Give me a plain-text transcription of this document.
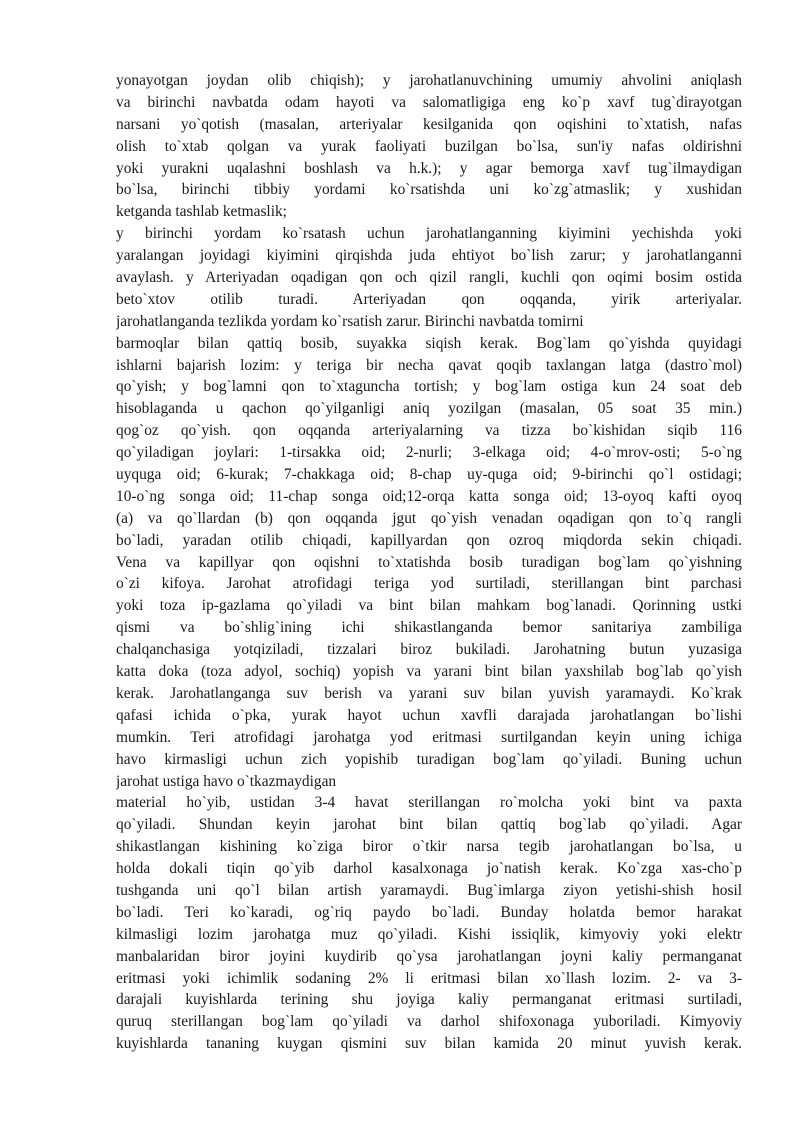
yonayotgan joydan olib chiqish); y jarohatlanuvchining umumiy ahvolini aniqlash
va birinchi navbatda odam hayoti va salomatligiga eng ko`p xavf tug`dirayotgan
narsani yo`qotish (masalan, arteriyalar kesilganida qon oqishini to`xtatish, nafas
olish to`xtab qolgan va yurak faoliyati buzilgan bo`lsa, sun'iy nafas oldirishni
yoki yurakni uqalashni boshlash va h.k.); y agar bemorga xavf tug`ilmaydigan
bo`lsa, birinchi tibbiy yordami ko`rsatishda uni ko`zg`atmaslik; y xushidan
ketganda tashlab ketmaslik;
y birinchi yordam ko`rsatash uchun jarohatlanganning kiyimini yechishda yoki
yaralangan joyidagi kiyimini qirqishda juda ehtiyot bo`lish zarur; y jarohatlanganni
avaylash. y Arteriyadan oqadigan qon och qizil rangli, kuchli qon oqimi bosim ostida
beto`xtov otilib turadi. Arteriyadan qon oqqanda, yirik arteriyalar.
jarohatlanganda tezlikda yordam ko`rsatish zarur. Birinchi navbatda tomirni
barmoqlar bilan qattiq bosib, suyakka siqish kerak. Bog`lam qo`yishda quyidagi
ishlarni bajarish lozim: y teriga bir necha qavat qoqib taxlangan latga (dastro`mol)
qo`yish; y bog`lamni qon to`xtaguncha tortish; y bog`lam ostiga kun 24 soat deb
hisoblaganda u qachon qo`yilganligi aniq yozilgan (masalan, 05 soat 35 min.)
qog`oz qo`yish. qon oqqanda arteriyalarning va tizza bo`kishidan siqib 116
qo`yiladigan joylari: 1-tirsakka oid; 2-nurli; 3-elkaga oid; 4-o`mrov-osti; 5-o`ng
uyquga oid; 6-kurak; 7-chakkaga oid; 8-chap uy-quga oid; 9-birinchi qo`l ostidagi;
10-o`ng songa oid; 11-chap songa oid;12-orqa katta songa oid; 13-oyoq kafti oyoq
(a) va qo`llardan (b) qon oqqanda jgut qo`yish venadan oqadigan qon to`q rangli
bo`ladi, yaradan otilib chiqadi, kapillyardan qon ozroq miqdorda sekin chiqadi.
Vena va kapillyar qon oqishni to`xtatishda bosib turadigan bog`lam qo`yishning
o`zi kifoya. Jarohat atrofidagi teriga yod surtiladi, sterillangan bint parchasi
yoki toza ip-gazlama qo`yiladi va bint bilan mahkam bog`lanadi. Qorinning ustki
qismi va bo`shlig`ining ichi shikastlanganda bemor sanitariya zambiliga
chalqanchasiga yotqiziladi, tizzalari biroz bukiladi. Jarohatning butun yuzasiga
katta doka (toza adyol, sochiq) yopish va yarani bint bilan yaxshilab bog`lab qo`yish
kerak. Jarohatlanganga suv berish va yarani suv bilan yuvish yaramaydi. Ko`krak
qafasi ichida o`pka, yurak hayot uchun xavfli darajada jarohatlangan bo`lishi
mumkin. Teri atrofidagi jarohatga yod eritmasi surtilgandan keyin uning ichiga
havo kirmasligi uchun zich yopishib turadigan bog`lam qo`yiladi. Buning uchun
jarohat ustiga havo o`tkazmaydigan
material ho`yib, ustidan 3-4 havat sterillangan ro`molcha yoki bint va paxta
qo`yiladi. Shundan keyin jarohat bint bilan qattiq bog`lab qo`yiladi. Agar
shikastlangan kishining ko`ziga biror o`tkir narsa tegib jarohatlangan bo`lsa, u
holda dokali tiqin qo`yib darhol kasalxonaga jo`natish kerak. Ko`zga xas-cho`p
tushganda uni qo`l bilan artish yaramaydi. Bug`imlarga ziyon yetishi-shish hosil
bo`ladi. Teri ko`karadi, og`riq paydo bo`ladi. Bunday holatda bemor harakat
kilmasligi lozim jarohatga muz qo`yiladi. Kishi issiqlik, kimyoviy yoki elektr
manbalaridan biror joyini kuydirib qo`ysa jarohatlangan joyni kaliy permanganat
eritmasi yoki ichimlik sodaning 2% li eritmasi bilan xo`llash lozim. 2- va 3-
darajali kuyishlarda terining shu joyiga kaliy permanganat eritmasi surtiladi,
quruq sterillangan bog`lam qo`yiladi va darhol shifoxonaga yuboriladi. Kimyoviy
kuyishlarda tananing kuygan qismini suv bilan kamida 20 minut yuvish kerak.
